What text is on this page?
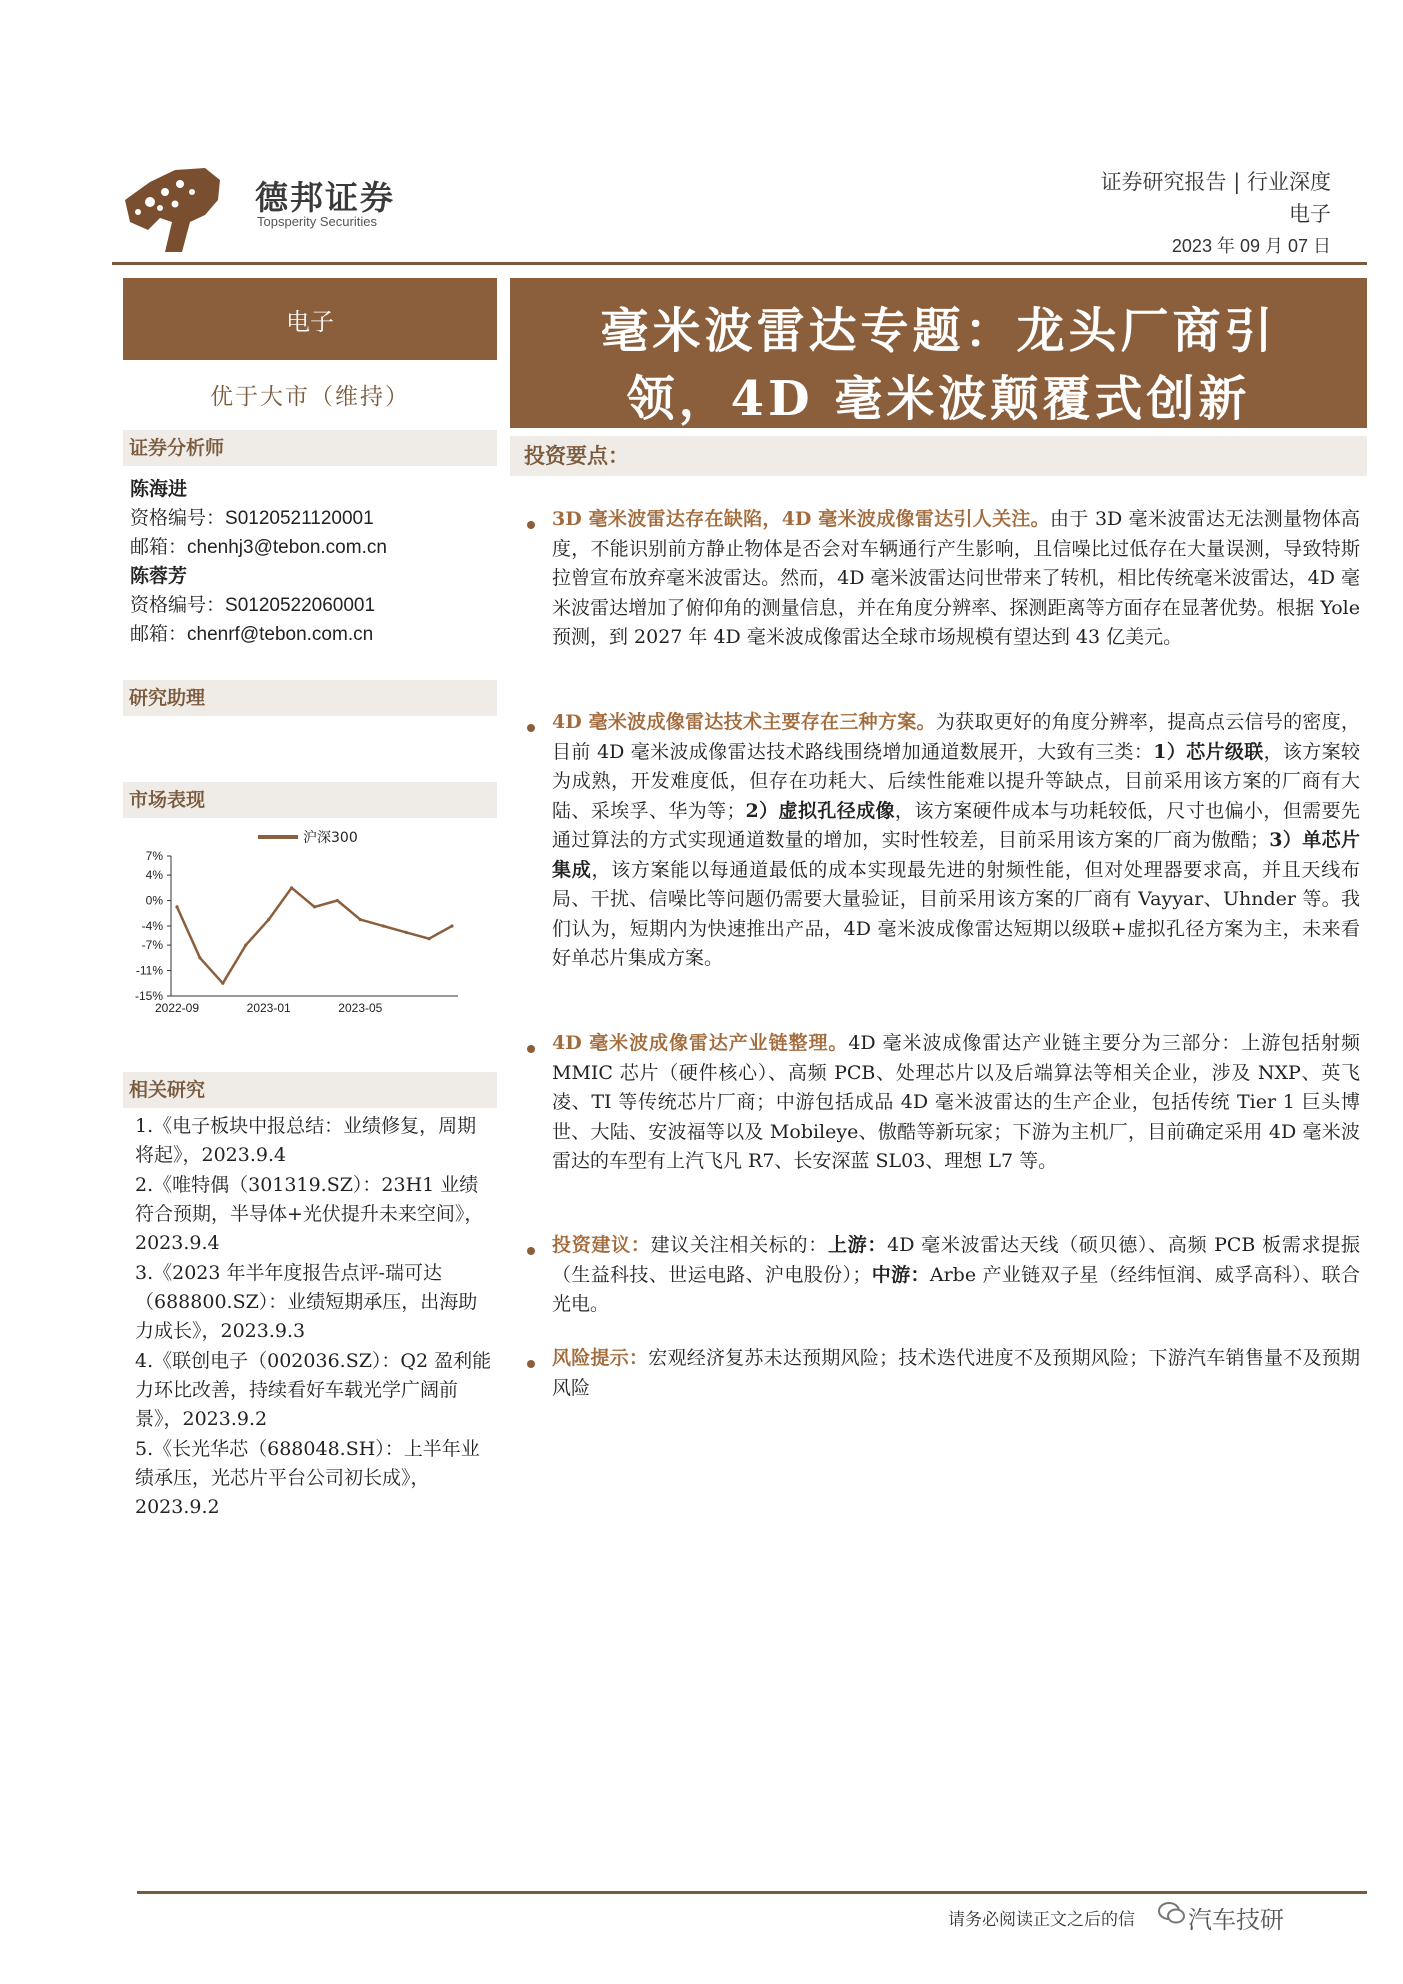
德邦证券
Topsperity Securities
证券研究报告 | 行业深度
电子
2023 年 09 月 07 日
电子
优于大市（维持）
证券分析师
陈海进
资格编号：S0120521120001
邮箱：chenhj3@tebon.com.cn
陈蓉芳
资格编号：S0120522060001
邮箱：chenrf@tebon.com.cn
研究助理
市场表现
7%
4%
0%
-4%
-7%
-11%
-15%
2022-09	2023-01	2023-05
沪深300
相关研究
1.《电子板块中报总结：业绩修复，周期将起》，2023.9.4
2.《唯特偶（301319.SZ）：23H1 业绩符合预期，半导体+光伏提升未来空间》，2023.9.4
3.《2023 年半年度报告点评-瑞可达（688800.SZ）：业绩短期承压，出海助力成长》，2023.9.3
4.《联创电子（002036.SZ）：Q2 盈利能力环比改善，持续看好车载光学广阔前景》，2023.9.2
5.《长光华芯（688048.SH）：上半年业绩承压，光芯片平台公司初长成》，2023.9.2
毫米波雷达专题：龙头厂商引
领，4D 毫米波颠覆式创新
投资要点：
3D 毫米波雷达存在缺陷，4D 毫米波成像雷达引人关注。由于 3D 毫米波雷达无法测量物体高度，不能识别前方静止物体是否会对车辆通行产生影响，且信噪比过低存在大量误测，导致特斯拉曾宣布放弃毫米波雷达。然而，4D 毫米波雷达问世带来了转机，相比传统毫米波雷达，4D 毫米波雷达增加了俯仰角的测量信息，并在角度分辨率、探测距离等方面存在显著优势。根据 Yole 预测，到 2027 年 4D 毫米波成像雷达全球市场规模有望达到 43 亿美元。
4D 毫米波成像雷达技术主要存在三种方案。为获取更好的角度分辨率，提高点云信号的密度，目前 4D 毫米波成像雷达技术路线围绕增加通道数展开，大致有三类：1）芯片级联，该方案较为成熟，开发难度低，但存在功耗大、后续性能难以提升等缺点，目前采用该方案的厂商有大陆、采埃孚、华为等；2）虚拟孔径成像，该方案硬件成本与功耗较低，尺寸也偏小，但需要先通过算法的方式实现通道数量的增加，实时性较差，目前采用该方案的厂商为傲酷；3）单芯片集成，该方案能以每通道最低的成本实现最先进的射频性能，但对处理器要求高，并且天线布局、干扰、信噪比等问题仍需要大量验证，目前采用该方案的厂商有 Vayyar、Uhnder 等。我们认为，短期内为快速推出产品，4D 毫米波成像雷达短期以级联+虚拟孔径方案为主，未来看好单芯片集成方案。
4D 毫米波成像雷达产业链整理。4D 毫米波成像雷达产业链主要分为三部分：上游包括射频 MMIC 芯片（硬件核心）、高频 PCB、处理芯片以及后端算法等相关企业，涉及 NXP、英飞凌、TI 等传统芯片厂商；中游包括成品 4D 毫米波雷达的生产企业，包括传统 Tier 1 巨头博世、大陆、安波福等以及 Mobileye、傲酷等新玩家；下游为主机厂，目前确定采用 4D 毫米波雷达的车型有上汽飞凡 R7、长安深蓝 SL03、理想 L7 等。
投资建议：建议关注相关标的：上游：4D 毫米波雷达天线（硕贝德）、高频 PCB 板需求提振（生益科技、世运电路、沪电股份）；中游：Arbe 产业链双子星（经纬恒润、威孚高科）、联合光电。
风险提示：宏观经济复苏未达预期风险；技术迭代进度不及预期风险；下游汽车销售量不及预期风险
请务必阅读正文之后的信 汽车技研
